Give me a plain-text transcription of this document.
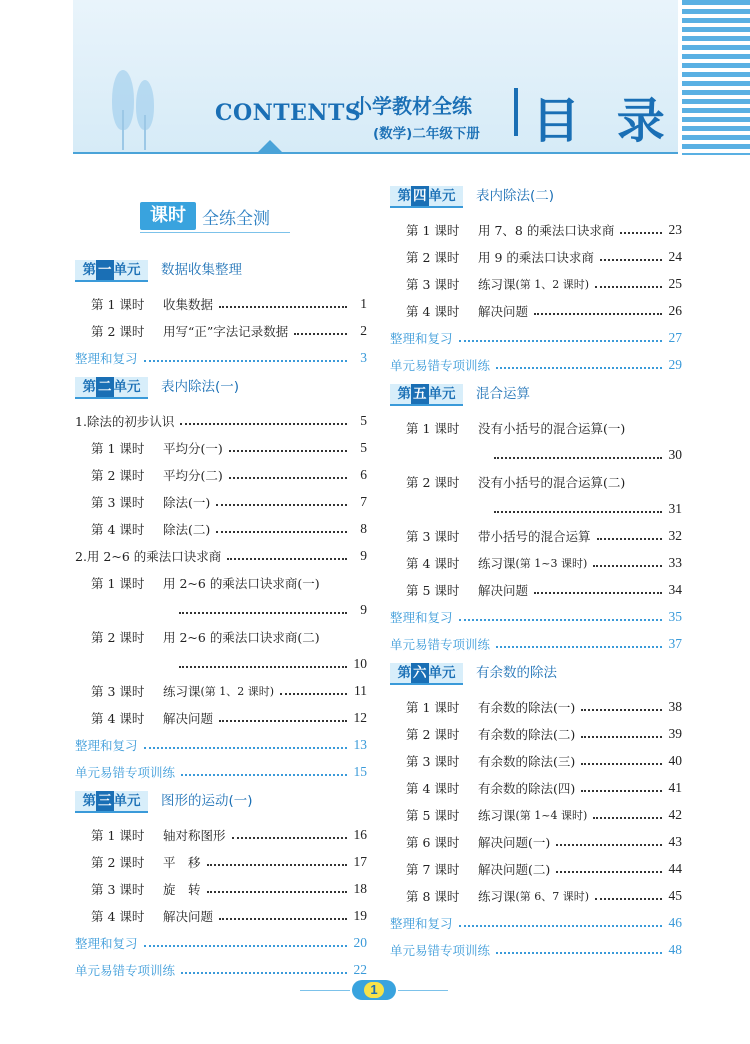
CONTENTS
小学教材全练
(数学)二年级下册 目 录
课时 全练全测
第 一 单元	数据收集整理
第 1 课时	收集数据	1
第 2 课时	用写“正”字法记录数据	2
整理和复习	3
第 二 单元	表内除法(一)
1.除法的初步认识	5
第 1 课时	平均分(一)	5
第 2 课时	平均分(二)	6
第 3 课时	除法(一)	7
第 4 课时	除法(二)	8
2.用 2~6 的乘法口诀求商	9
第 1 课时	用 2~6 的乘法口诀求商(一)
9
第 2 课时	用 2~6 的乘法口诀求商(二)
10
第 3 课时	练习课 (第 1、2 课时)	11
第 4 课时	解决问题	12
整理和复习	13
单元易错专项训练	15
第 三 单元	图形的运动(一)
第 1 课时	轴对称图形	16
第 2 课时	平　移	17
第 3 课时	旋　转	18
第 4 课时	解决问题	19
整理和复习	20
单元易错专项训练	22
第 四 单元	表内除法(二)
第 1 课时	用 7、8 的乘法口诀求商	23
第 2 课时	用 9 的乘法口诀求商	24
第 3 课时	练习课 (第 1、2 课时)	25
第 4 课时	解决问题	26
整理和复习	27
单元易错专项训练	29
第 五 单元	混合运算
第 1 课时	没有小括号的混合运算(一)
30
第 2 课时	没有小括号的混合运算(二)
31
第 3 课时	带小括号的混合运算	32
第 4 课时	练习课 (第 1~3 课时)	33
第 5 课时	解决问题	34
整理和复习	35
单元易错专项训练	37
第 六 单元	有余数的除法
第 1 课时	有余数的除法(一)	38
第 2 课时	有余数的除法(二)	39
第 3 课时	有余数的除法(三)	40
第 4 课时	有余数的除法(四)	41
第 5 课时	练习课 (第 1~4 课时)	42
第 6 课时	解决问题(一)	43
第 7 课时	解决问题(二)	44
第 8 课时	练习课 (第 6、7 课时)	45
整理和复习	46
单元易错专项训练	48
1
